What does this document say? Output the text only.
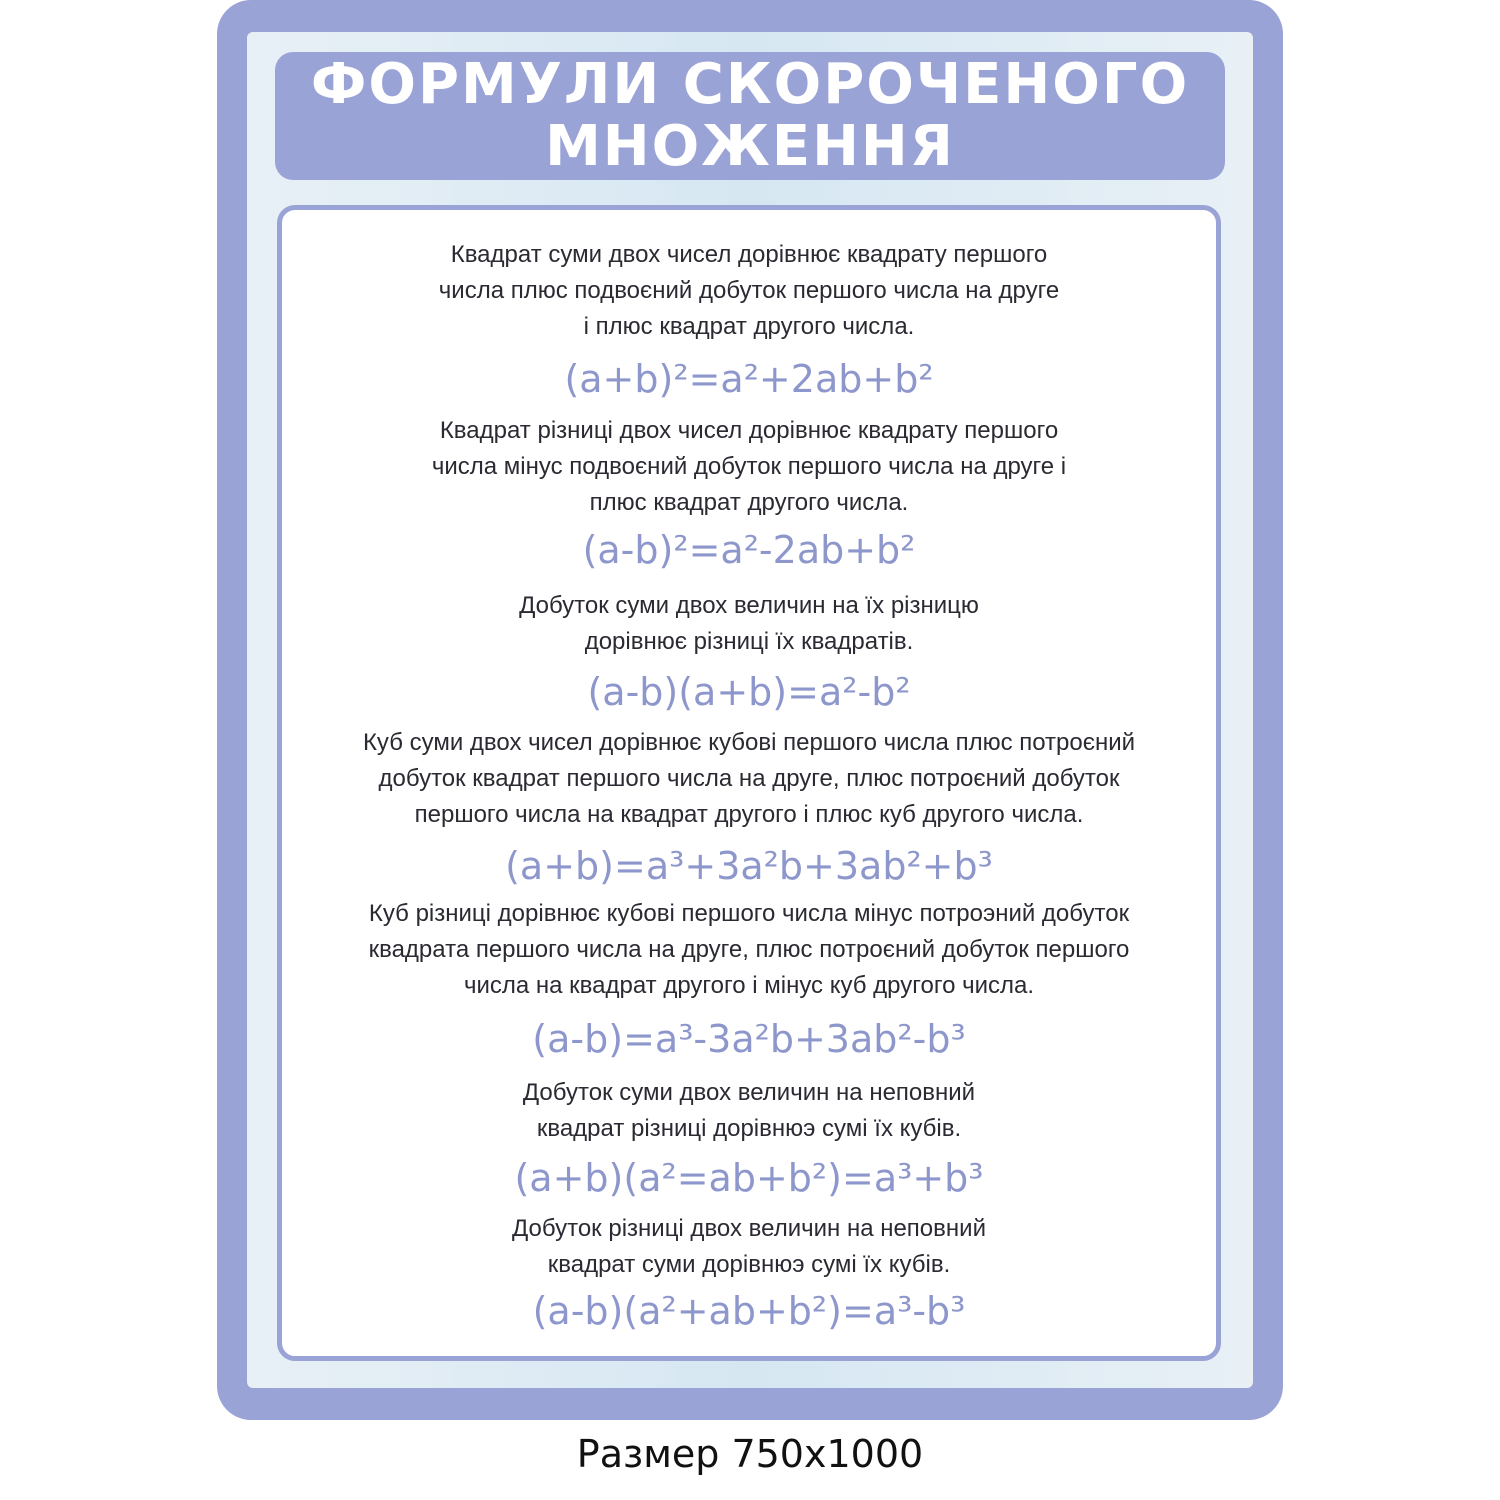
ФОРМУЛИ СКОРОЧЕНОГО
МНОЖЕННЯ
Квадрат суми двох чисел дорівнює квадрату першого
числа плюс подвоєний добуток першого числа на друге
і плюс квадрат другого числа.
(a+b)²=a²+2ab+b²
Квадрат різниці двох чисел дорівнює квадрату першого
числа мінус подвоєний добуток першого числа на друге і
плюс квадрат другого числа.
(a-b)²=a²-2ab+b²
Добуток суми двох величин на їх різницю
дорівнює різниці їх квадратів.
(a-b)(a+b)=a²-b²
Куб суми двох чисел дорівнює кубові першого числа плюс потроєний
добуток квадрат першого числа на друге, плюс потроєний добуток
першого числа на квадрат другого і плюс куб другого числа.
(a+b)=a³+3a²b+3ab²+b³
Куб різниці дорівнює кубові першого числа мінус потроэний добуток
квадрата першого числа на друге, плюс потроєний добуток першого
числа на квадрат другого і мінус куб другого числа.
(a-b)=a³-3a²b+3ab²-b³
Добуток суми двох величин на неповний
квадрат різниці дорівнюэ сумі їх кубів.
(a+b)(a²=ab+b²)=a³+b³
Добуток різниці двох величин на неповний
квадрат суми дорівнюэ сумі їх кубів.
(a-b)(a²+ab+b²)=a³-b³
Размер 750х1000
